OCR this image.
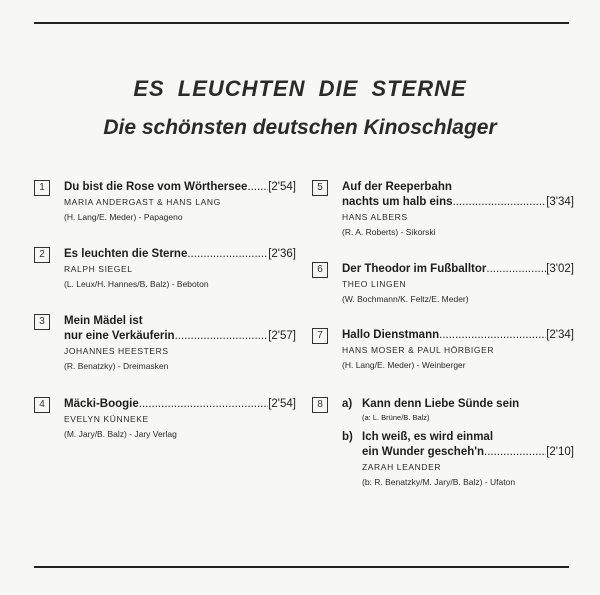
ES LEUCHTEN DIE STERNE
Die schönsten deutschen Kinoschlager
1	Du bist die Rose vom Wörthersee ..... [2'54]
MARIA ANDERGAST & HANS LANG
(H. Lang/E. Meder) - Papageno
2	Es leuchten die Sterne .....	[2'36]
RALPH SIEGEL
(L. Leux/H. Hannes/B. Balz) - Beboton
3	Mein Mädel ist
nur eine Verkäuferin .....	[2'57]
JOHANNES HEESTERS
(R. Benatzky) - Dreimasken
4	Mäcki-Boogie .....	[2'54]
EVELYN KÜNNEKE
(M. Jary/B. Balz) - Jary Verlag
5	Auf der Reeperbahn
nachts um halb eins .....	[3'34]
HANS ALBERS
(R. A. Roberts) - Sikorski
6	Der Theodor im Fußballtor .....	[3'02]
THEO LINGEN
(W. Bochmann/K. Feltz/E. Meder)
7	Hallo Dienstmann .....	[2'34]
HANS MOSER & PAUL HÖRBIGER
(H. Lang/E. Meder) - Weinberger
8	a) Kann denn Liebe Sünde sein
(a: L. Brüne/B. Balz)
b) Ich weiß, es wird einmal
ein Wunder gescheh'n .....	[2'10]
ZARAH LEANDER
(b: R. Benatzky/M. Jary/B. Balz) - Ufaton
